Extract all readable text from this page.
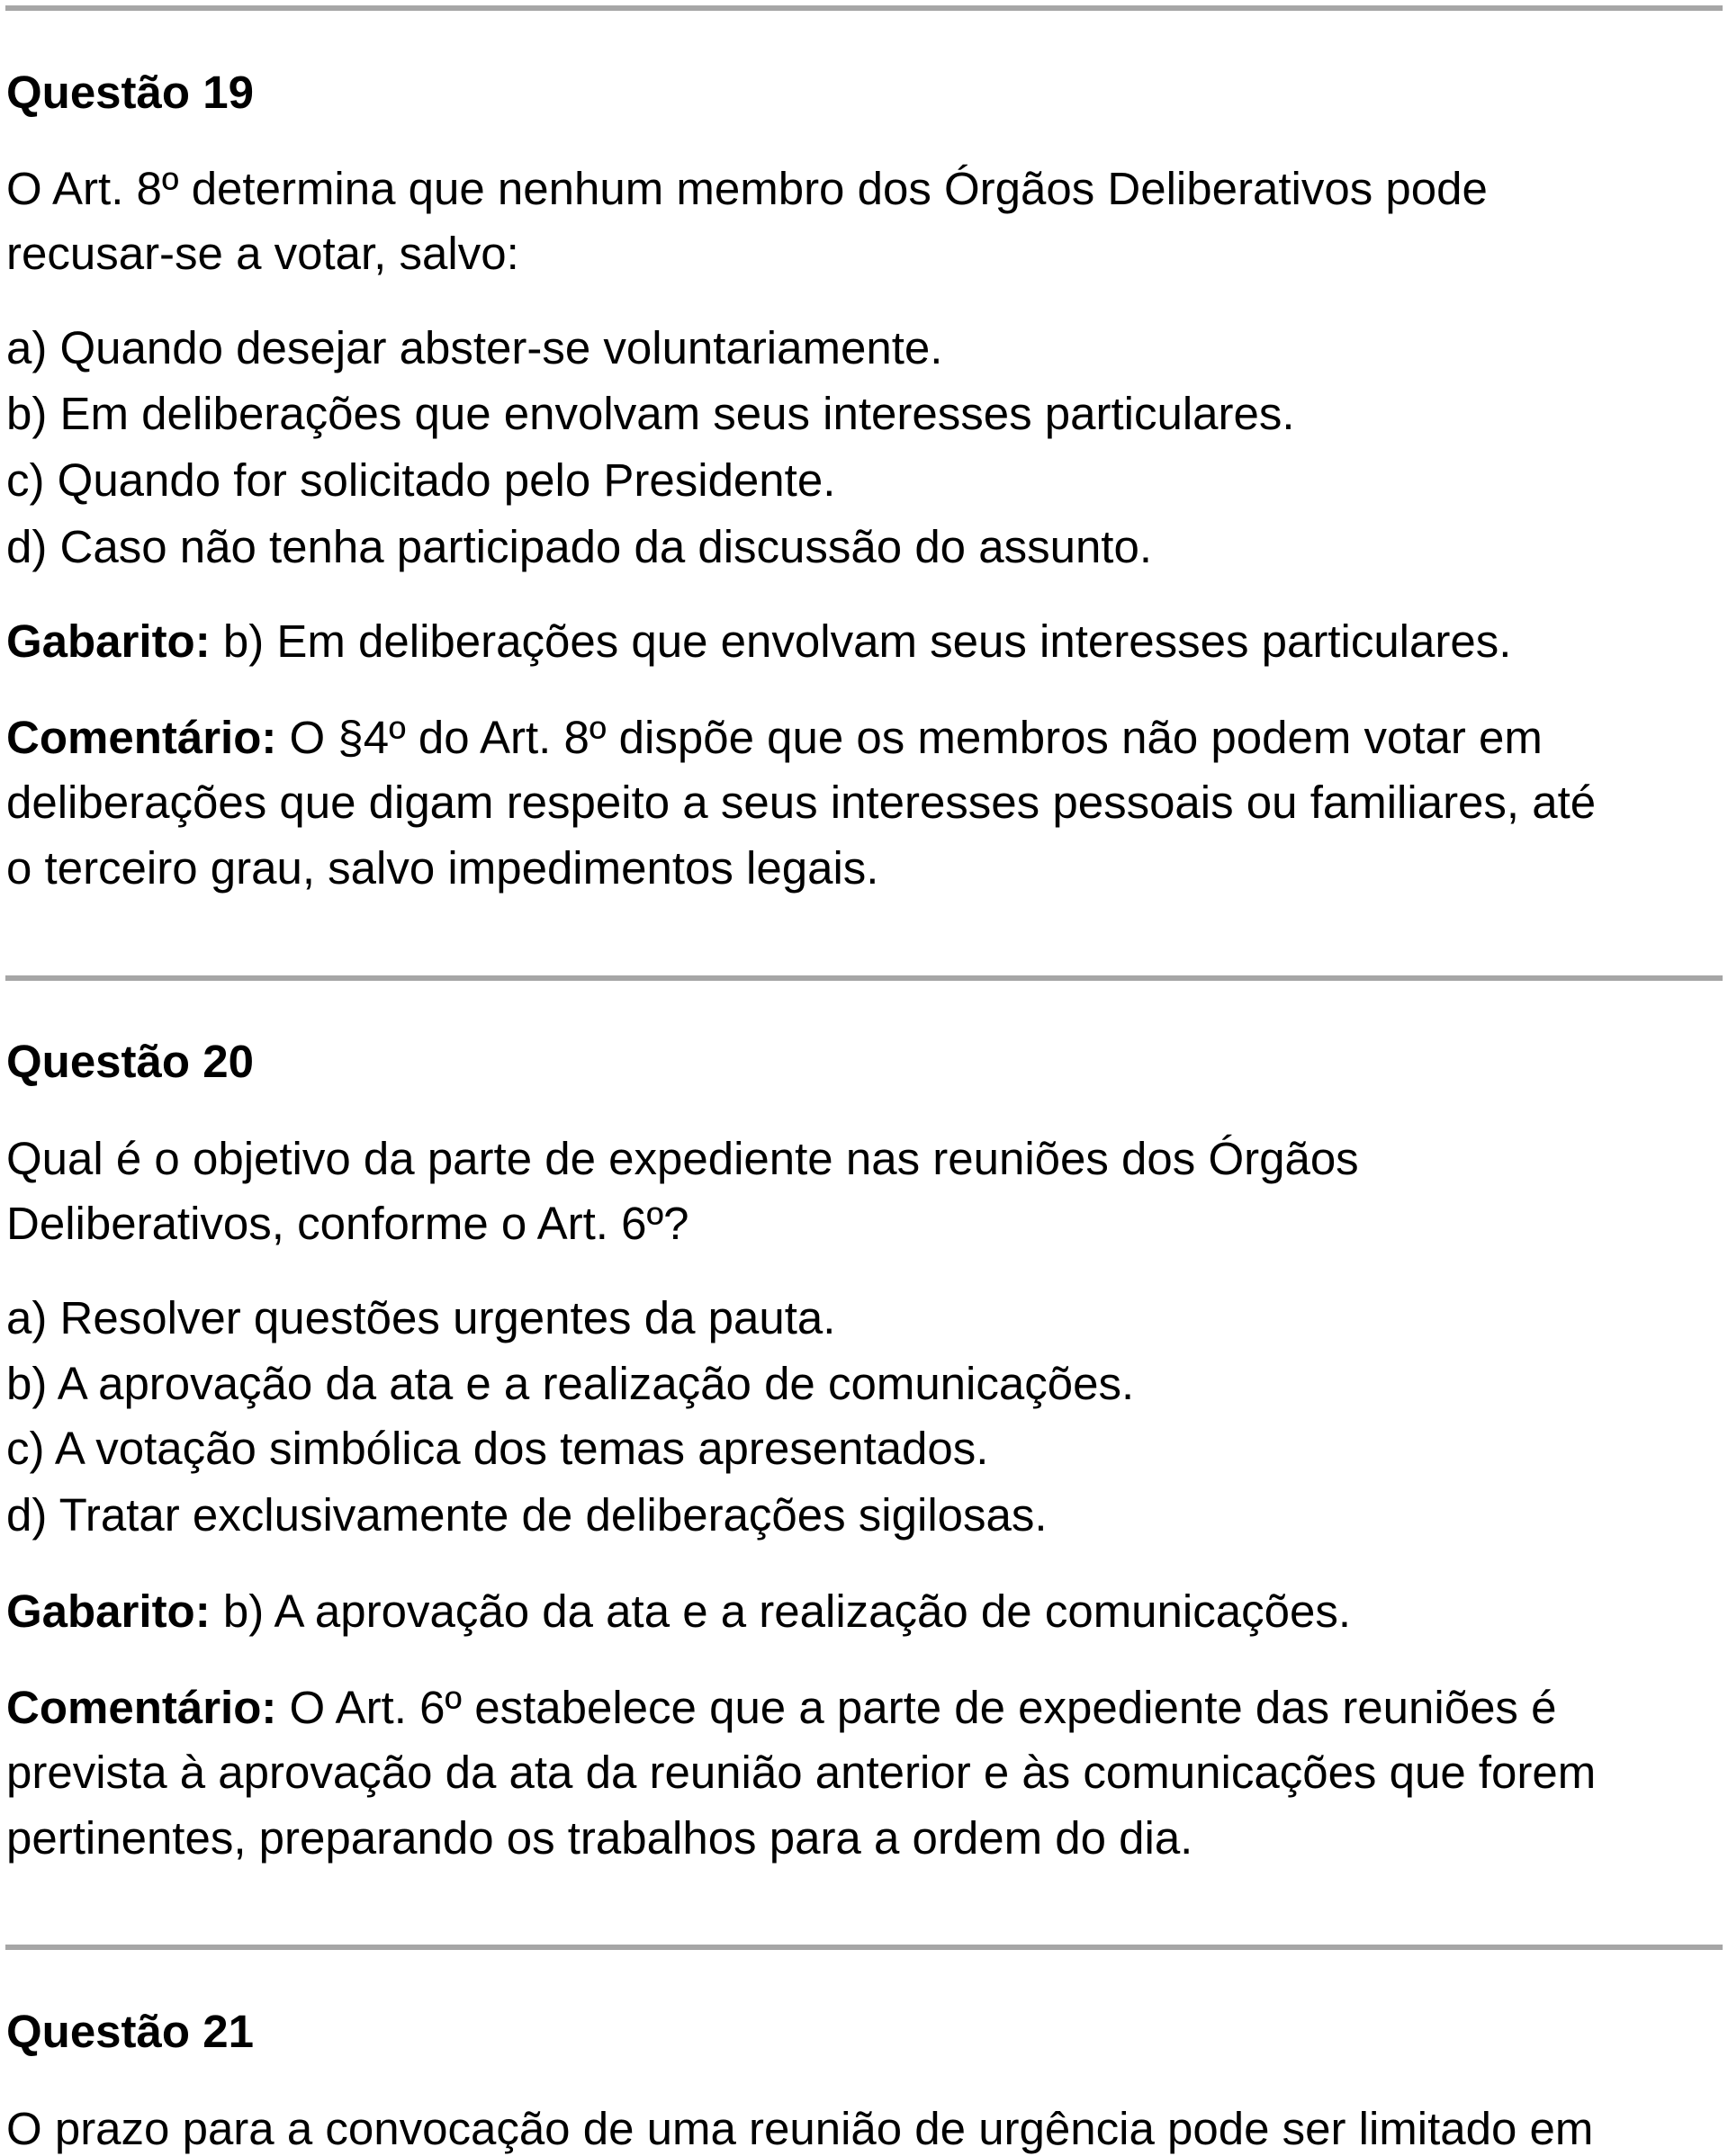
Questão 19
O Art. 8º determina que nenhum membro dos Órgãos Deliberativos pode
recusar-se a votar, salvo:
a) Quando desejar abster-se voluntariamente.
b) Em deliberações que envolvam seus interesses particulares.
c) Quando for solicitado pelo Presidente.
d) Caso não tenha participado da discussão do assunto.
Gabarito: b) Em deliberações que envolvam seus interesses particulares.
Comentário: O §4º do Art. 8º dispõe que os membros não podem votar em
deliberações que digam respeito a seus interesses pessoais ou familiares, até
o terceiro grau, salvo impedimentos legais.
Questão 20
Qual é o objetivo da parte de expediente nas reuniões dos Órgãos
Deliberativos, conforme o Art. 6º?
a) Resolver questões urgentes da pauta.
b) A aprovação da ata e a realização de comunicações.
c) A votação simbólica dos temas apresentados.
d) Tratar exclusivamente de deliberações sigilosas.
Gabarito: b) A aprovação da ata e a realização de comunicações.
Comentário: O Art. 6º estabelece que a parte de expediente das reuniões é
prevista à aprovação da ata da reunião anterior e às comunicações que forem
pertinentes, preparando os trabalhos para a ordem do dia.
Questão 21
O prazo para a convocação de uma reunião de urgência pode ser limitado em
